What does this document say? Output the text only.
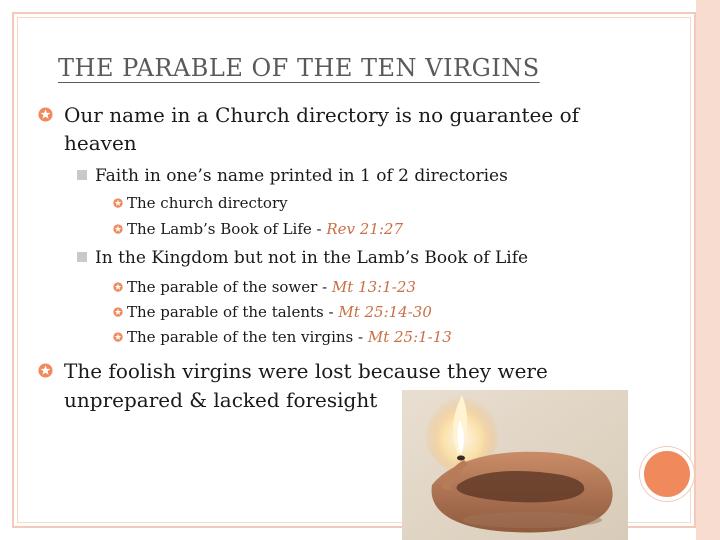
THE PARABLE OF THE TEN VIRGINS
Our name in a Church directory is no guarantee of
heaven
Faith in one’s name printed in 1 of 2 directories
The church directory
The Lamb’s Book of Life - Rev 21:27
In the Kingdom but not in the Lamb’s Book of Life
The parable of the sower - Mt 13:1-23
The parable of the talents - Mt 25:14-30
The parable of the ten virgins - Mt 25:1-13
The foolish virgins were lost because they were
unprepared & lacked foresight
